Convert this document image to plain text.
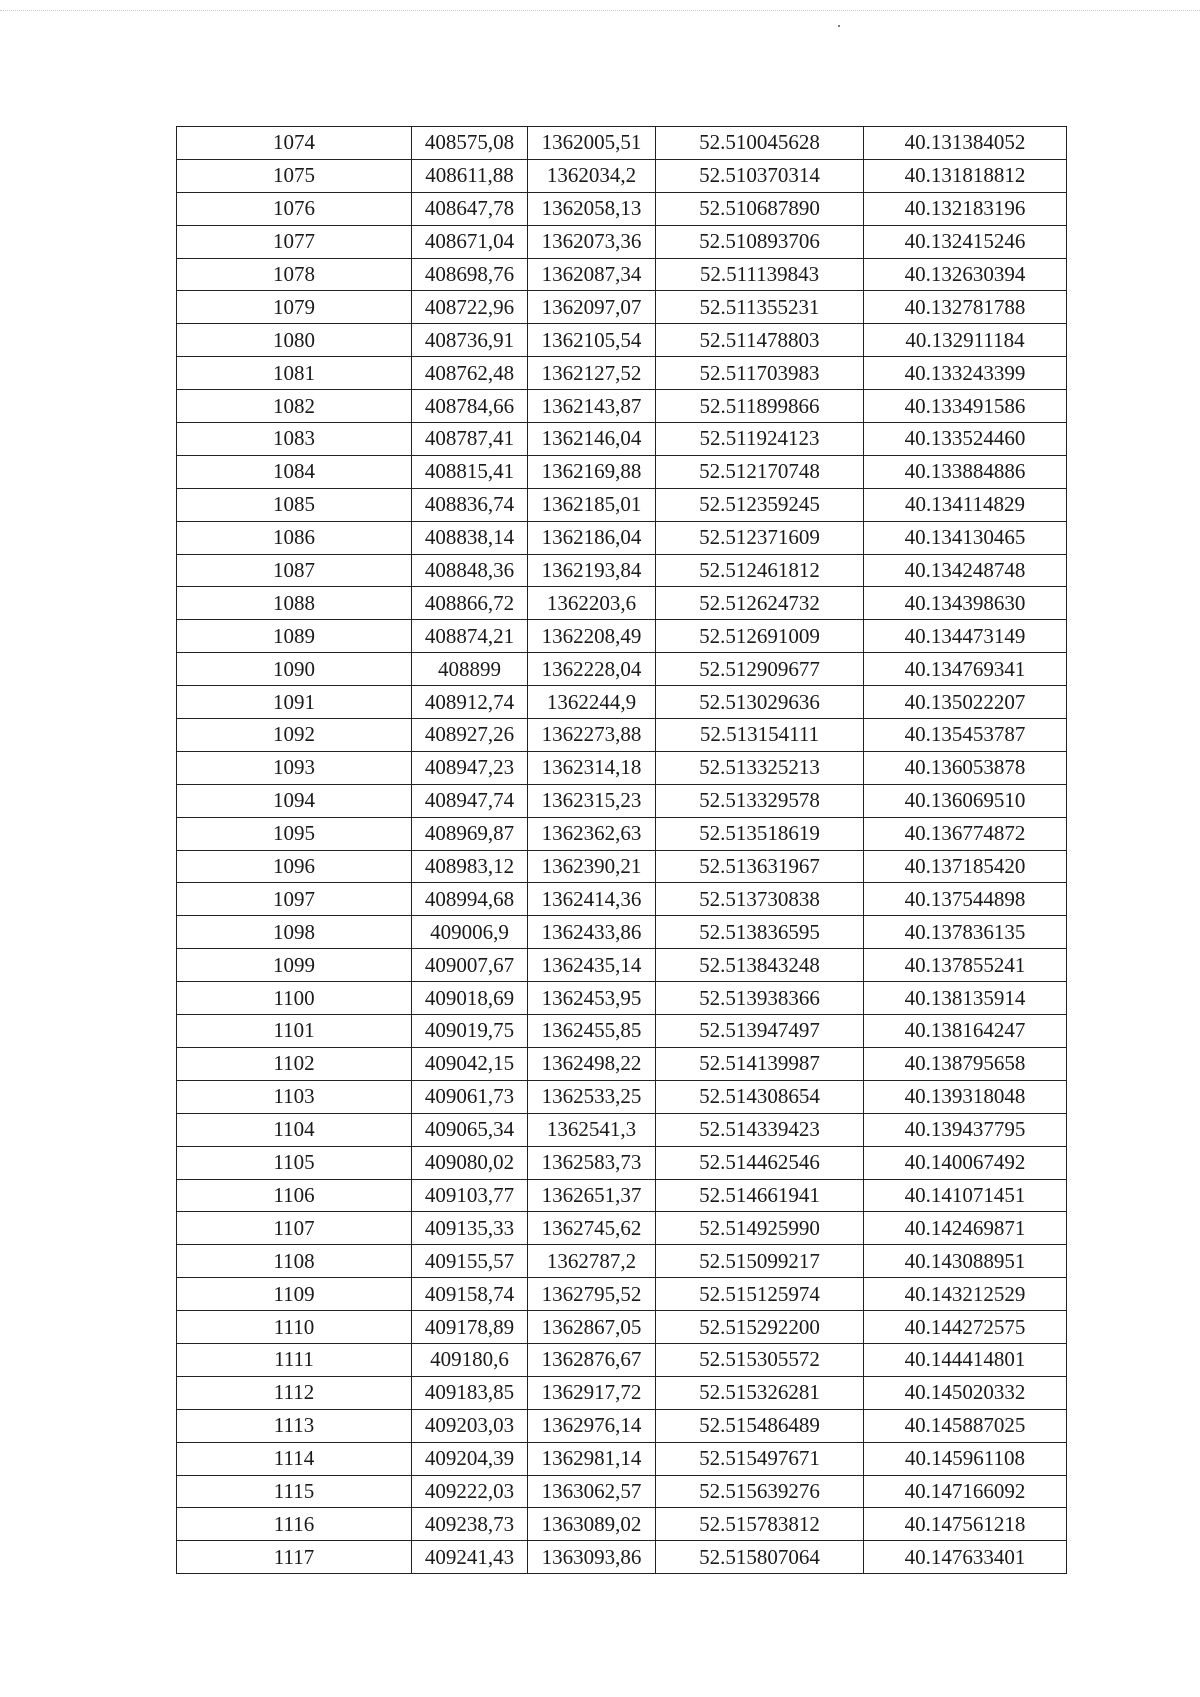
1074	408575,08	1362005,51	52.510045628	40.131384052
1075	408611,88	1362034,2	52.510370314	40.131818812
1076	408647,78	1362058,13	52.510687890	40.132183196
1077	408671,04	1362073,36	52.510893706	40.132415246
1078	408698,76	1362087,34	52.511139843	40.132630394
1079	408722,96	1362097,07	52.511355231	40.132781788
1080	408736,91	1362105,54	52.511478803	40.132911184
1081	408762,48	1362127,52	52.511703983	40.133243399
1082	408784,66	1362143,87	52.511899866	40.133491586
1083	408787,41	1362146,04	52.511924123	40.133524460
1084	408815,41	1362169,88	52.512170748	40.133884886
1085	408836,74	1362185,01	52.512359245	40.134114829
1086	408838,14	1362186,04	52.512371609	40.134130465
1087	408848,36	1362193,84	52.512461812	40.134248748
1088	408866,72	1362203,6	52.512624732	40.134398630
1089	408874,21	1362208,49	52.512691009	40.134473149
1090	408899	1362228,04	52.512909677	40.134769341
1091	408912,74	1362244,9	52.513029636	40.135022207
1092	408927,26	1362273,88	52.513154111	40.135453787
1093	408947,23	1362314,18	52.513325213	40.136053878
1094	408947,74	1362315,23	52.513329578	40.136069510
1095	408969,87	1362362,63	52.513518619	40.136774872
1096	408983,12	1362390,21	52.513631967	40.137185420
1097	408994,68	1362414,36	52.513730838	40.137544898
1098	409006,9	1362433,86	52.513836595	40.137836135
1099	409007,67	1362435,14	52.513843248	40.137855241
1100	409018,69	1362453,95	52.513938366	40.138135914
1101	409019,75	1362455,85	52.513947497	40.138164247
1102	409042,15	1362498,22	52.514139987	40.138795658
1103	409061,73	1362533,25	52.514308654	40.139318048
1104	409065,34	1362541,3	52.514339423	40.139437795
1105	409080,02	1362583,73	52.514462546	40.140067492
1106	409103,77	1362651,37	52.514661941	40.141071451
1107	409135,33	1362745,62	52.514925990	40.142469871
1108	409155,57	1362787,2	52.515099217	40.143088951
1109	409158,74	1362795,52	52.515125974	40.143212529
1110	409178,89	1362867,05	52.515292200	40.144272575
1111	409180,6	1362876,67	52.515305572	40.144414801
1112	409183,85	1362917,72	52.515326281	40.145020332
1113	409203,03	1362976,14	52.515486489	40.145887025
1114	409204,39	1362981,14	52.515497671	40.145961108
1115	409222,03	1363062,57	52.515639276	40.147166092
1116	409238,73	1363089,02	52.515783812	40.147561218
1117	409241,43	1363093,86	52.515807064	40.147633401
